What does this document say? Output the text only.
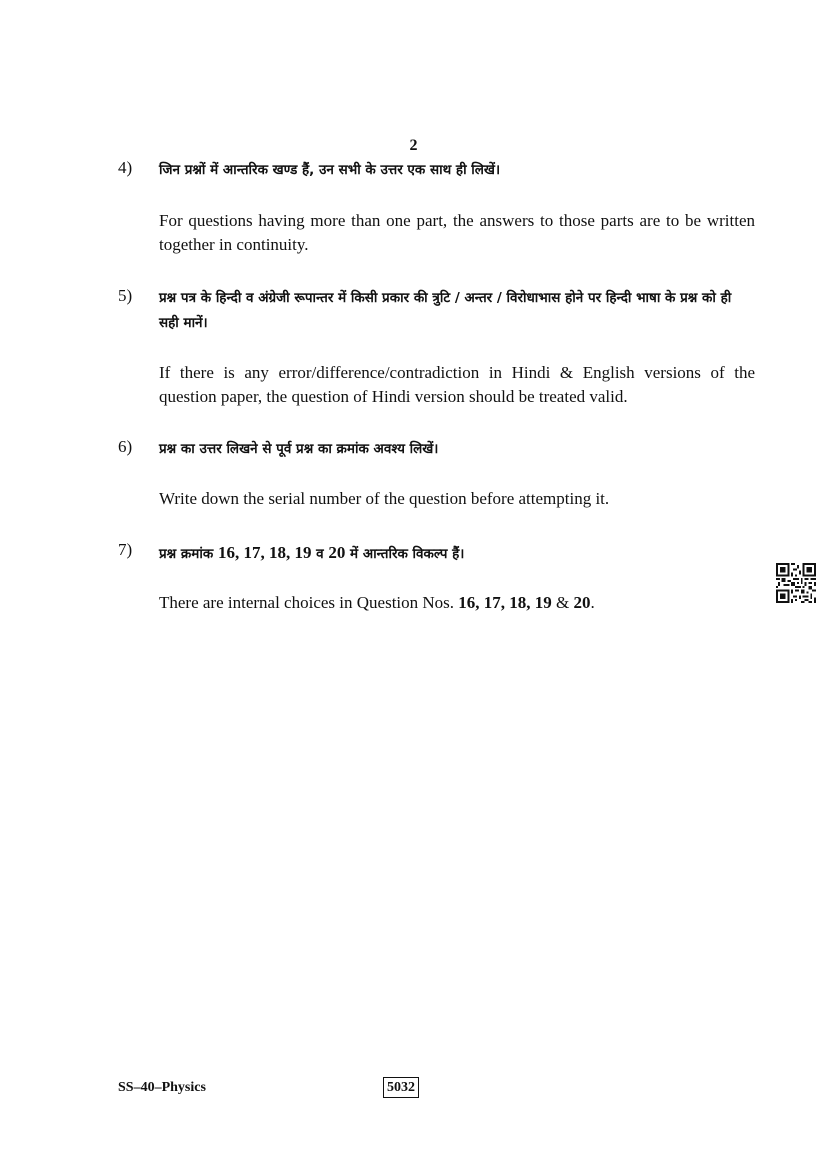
2
4) जिन प्रश्नों में आन्तरिक खण्ड हैं, उन सभी के उत्तर एक साथ ही लिखें।
For questions having more than one part, the answers to those parts are to be written together in continuity.
5) प्रश्न पत्र के हिन्दी व अंग्रेजी रूपान्तर में किसी प्रकार की त्रुटि / अन्तर / विरोधाभास होने पर हिन्दी भाषा के प्रश्न को ही सही मानें।
If there is any error/difference/contradiction in Hindi & English versions of the question paper, the question of Hindi version should be treated valid.
6) प्रश्न का उत्तर लिखने से पूर्व प्रश्न का क्रमांक अवश्य लिखें।
Write down the serial number of the question before attempting it.
7) प्रश्न क्रमांक 16, 17, 18, 19 व 20 में आन्तरिक विकल्प हैं।
There are internal choices in Question Nos. 16, 17, 18, 19 & 20.
SS–40–Physics	5032
